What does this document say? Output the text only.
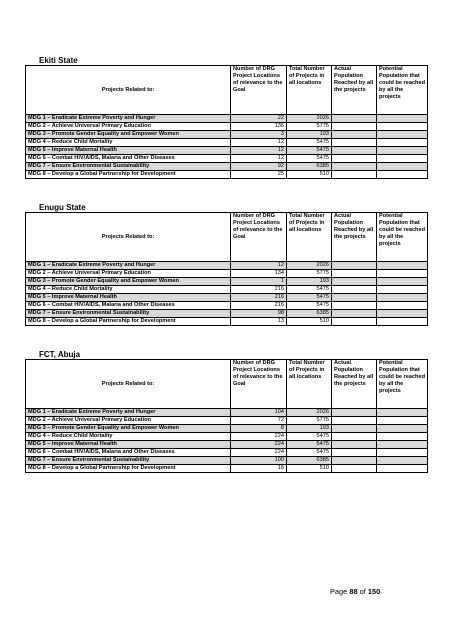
Ekiti State
Projects Related to:	Number of DRG Project Locations of relevance to the Goal	Total Number of Projects in all locations	Actual Population Reached by all the projects	Potential Population that could be reached by all the projects
MDG 1 – Eradicate Extreme Poverty and Hunger	22	2026		
MDG 2 – Achieve Universal Primary Education	136	5775		
MDG 3 – Promote Gender Equality and Empower Women	3	193		
MDG 4 – Reduce Child Mortality	12	5475		
MDG 5 – Improve Maternal Health	12	5475		
MDG 6 – Combat HIV/AIDS, Malaria and Other Diseases	12	5475		
MDG 7 – Ensure Environmental Sustainability	92	6385		
MDG 8 – Develop a Global Partnership for Development	25	510		
Enugu State
Projects Related to:	Number of DRG Project Locations of relevance to the Goal	Total Number of Projects in all locations	Actual Population Reached by all the projects	Potential Population that could be reached by all the projects
MDG 1 – Eradicate Extreme Poverty and Hunger	12	2026		
MDG 2 – Achieve Universal Primary Education	134	5775		
MDG 3 – Promote Gender Equality and Empower Women	1	193		
MDG 4 – Reduce Child Mortality	216	5475		
MDG 5 – Improve Maternal Health	216	5475		
MDG 6 – Combat HIV/AIDS, Malaria and Other Diseases	216	5475		
MDG 7 – Ensure Environmental Sustainability	98	6385		
MDG 8 – Develop a Global Partnership for Development	13	510		
FCT, Abuja
Projects Related to:	Number of DRG Project Locations of relevance to the Goal	Total Number of Projects in all locations	Actual Population Reached by all the projects	Potential Population that could be reached by all the projects
MDG 1 – Eradicate Extreme Poverty and Hunger	104	2026		
MDG 2 – Achieve Universal Primary Education	72	5775		
MDG 3 – Promote Gender Equality and Empower Women	8	193		
MDG 4 – Reduce Child Mortality	224	5475		
MDG 5 – Improve Maternal Health	224	5475		
MDG 6 – Combat HIV/AIDS, Malaria and Other Diseases	224	5475		
MDG 7 – Ensure Environmental Sustainability	100	6385		
MDG 8 – Develop a Global Partnership for Development	18	510		
Page 88 of 150
